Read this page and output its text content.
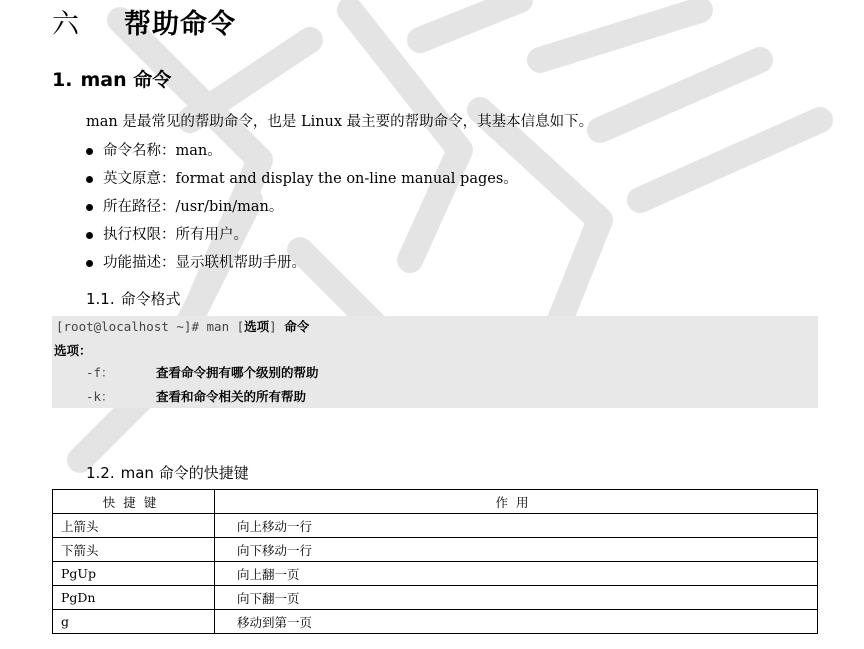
六 帮助命令
1. man 命令
man 是最常见的帮助命令，也是 Linux 最主要的帮助命令，其基本信息如下。
命令名称：man。
英文原意：format and display the on-line manual pages。
所在路径：/usr/bin/man。
执行权限：所有用户。
功能描述：显示联机帮助手册。
1.1. 命令格式
[root@localhost ~]# man [选项] 命令
选项：
-f：	查看命令拥有哪个级别的帮助
-k：	查看和命令相关的所有帮助
1.2. man 命令的快捷键
快捷键	作用
上箭头	向上移动一行
下箭头	向下移动一行
PgUp	向上翻一页
PgDn	向下翻一页
g	移动到第一页
